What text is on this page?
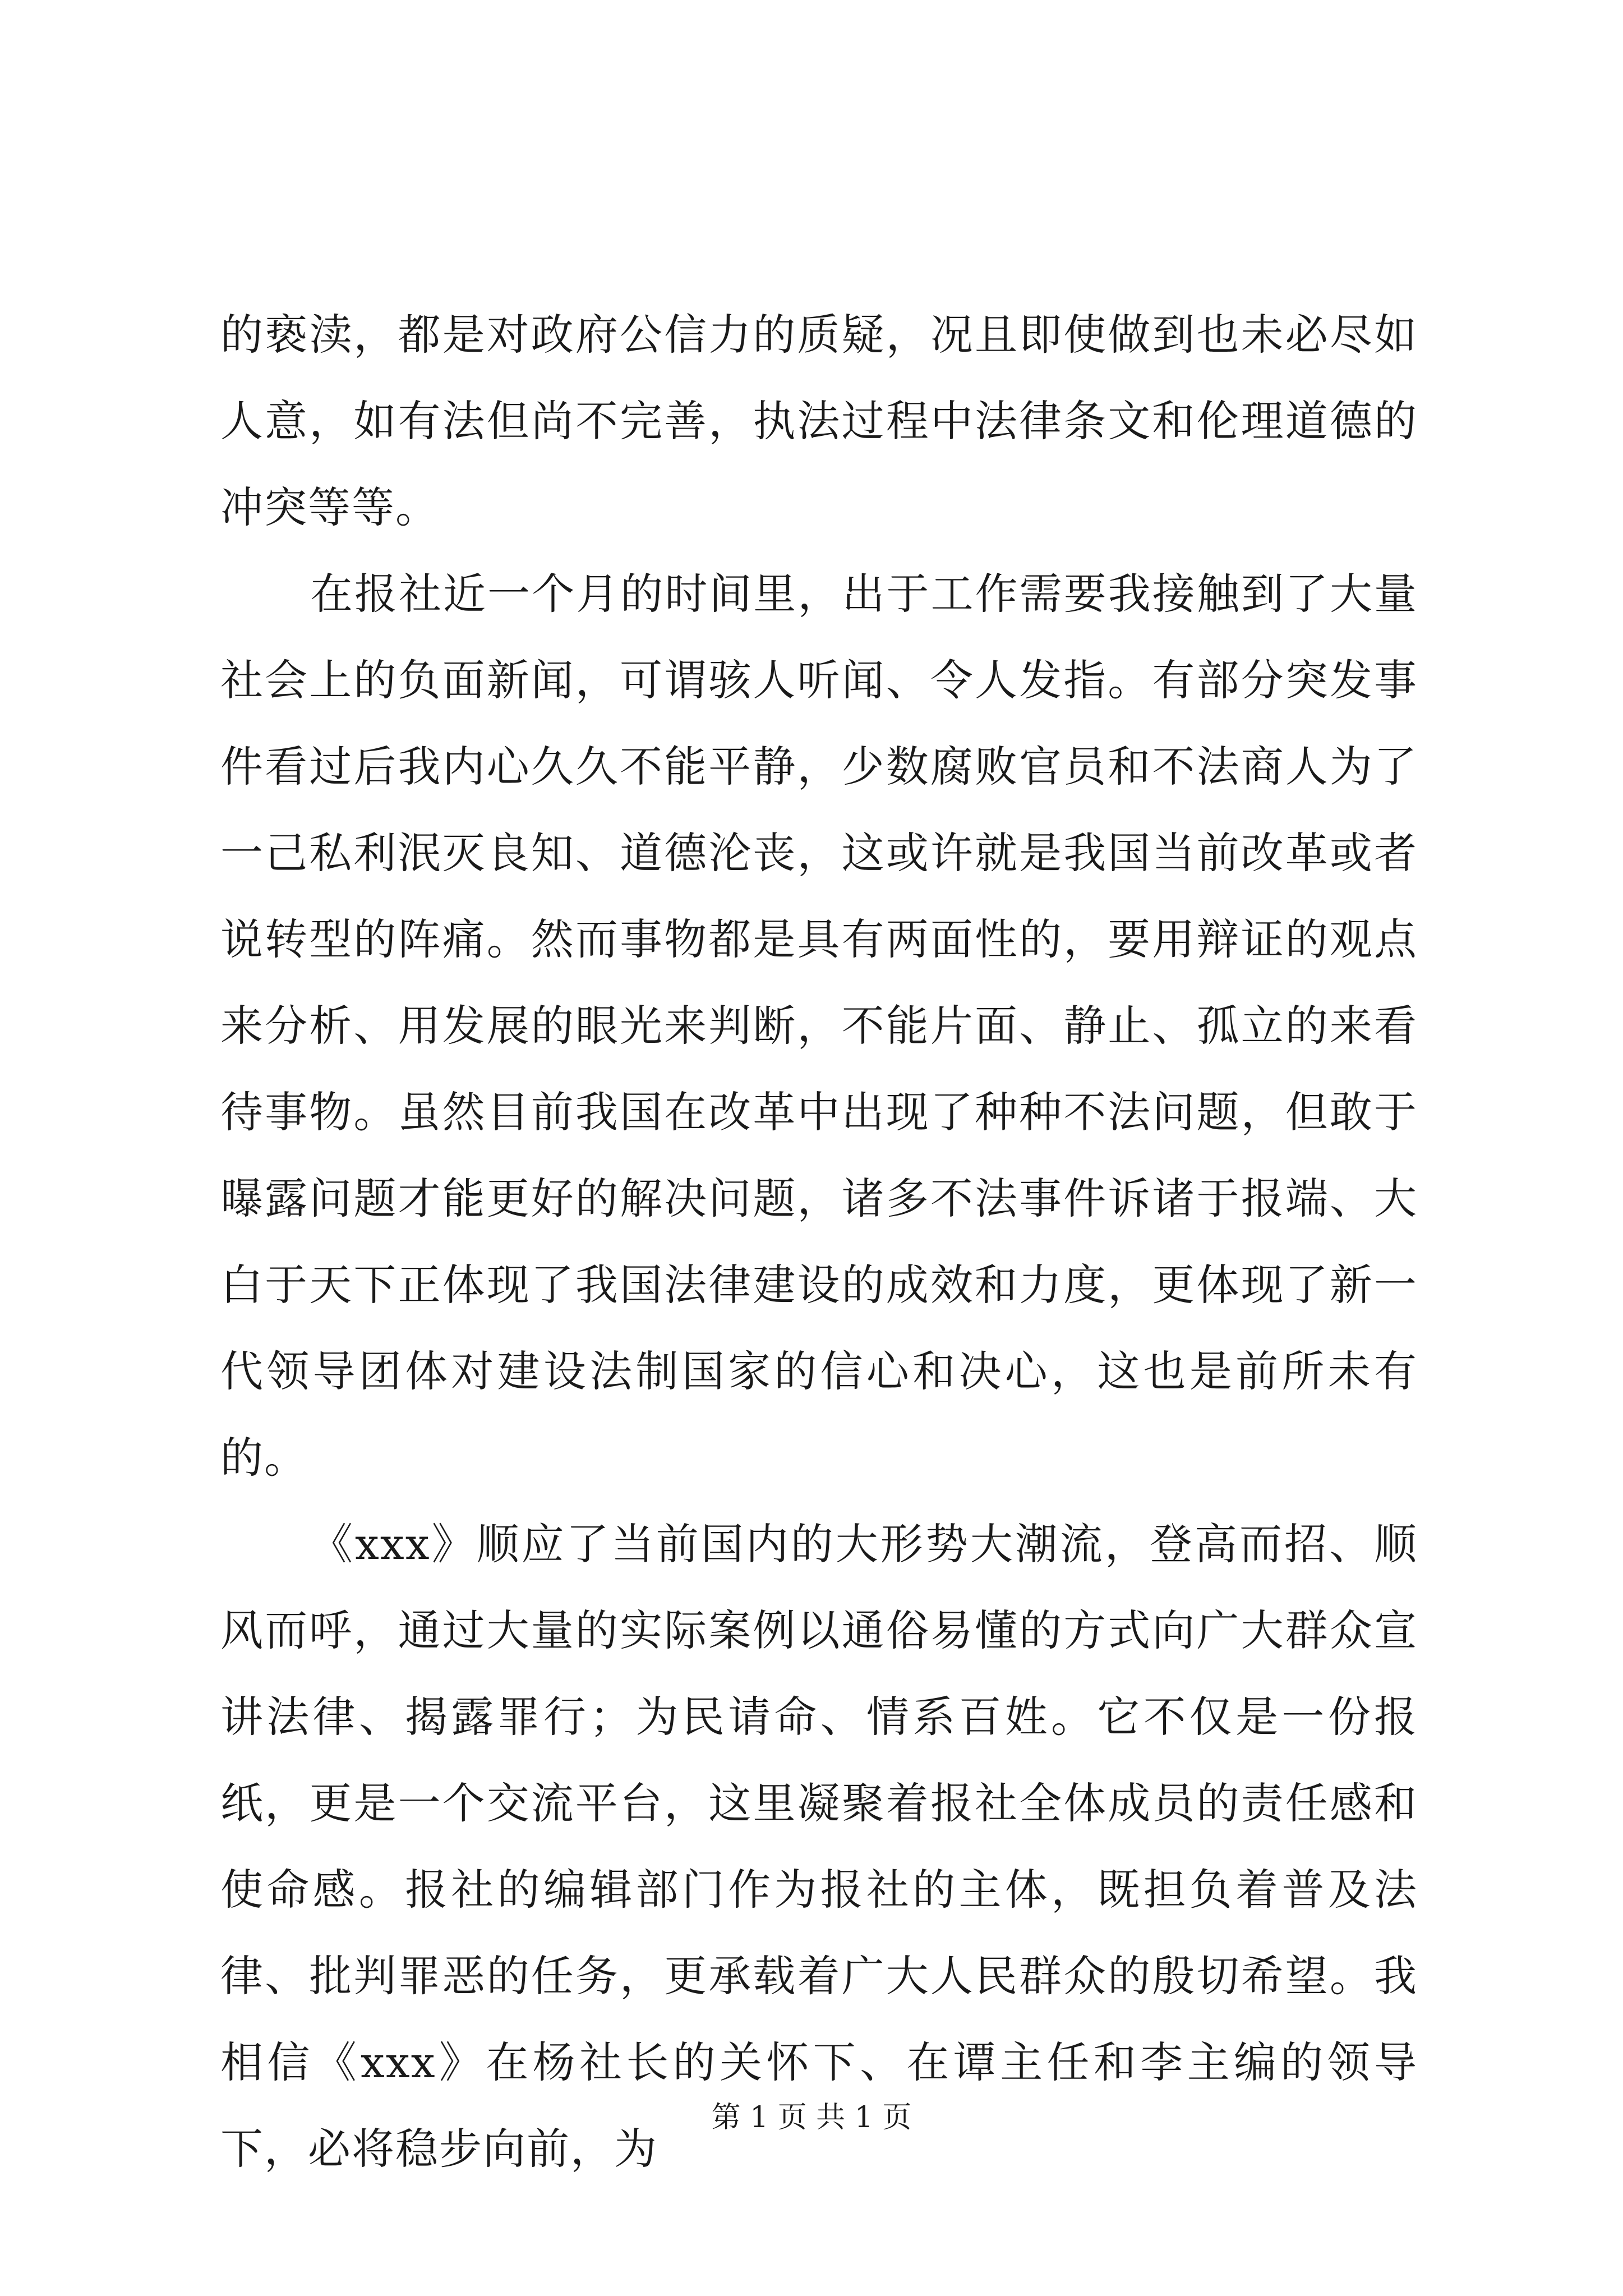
的亵渎，都是对政府公信力的质疑，况且即使做到也未必尽如人意，如有法但尚不完善，执法过程中法律条文和伦理道德的冲突等等。

在报社近一个月的时间里，出于工作需要我接触到了大量社会上的负面新闻，可谓骇人听闻、令人发指。有部分突发事件看过后我内心久久不能平静，少数腐败官员和不法商人为了一己私利泯灭良知、道德沦丧，这或许就是我国当前改革或者说转型的阵痛。然而事物都是具有两面性的，要用辩证的观点来分析、用发展的眼光来判断，不能片面、静止、孤立的来看待事物。虽然目前我国在改革中出现了种种不法问题，但敢于曝露问题才能更好的解决问题，诸多不法事件诉诸于报端、大白于天下正体现了我国法律建设的成效和力度，更体现了新一代领导团体对建设法制国家的信心和决心，这也是前所未有的。

《xxx》顺应了当前国内的大形势大潮流，登高而招、顺风而呼，通过大量的实际案例以通俗易懂的方式向广大群众宣讲法律、揭露罪行；为民请命、情系百姓。它不仅是一份报纸，更是一个交流平台，这里凝聚着报社全体成员的责任感和使命感。报社的编辑部门作为报社的主体，既担负着普及法律、批判罪恶的任务，更承载着广大人民群众的殷切希望。我相信《xxx》在杨社长的关怀下、在谭主任和李主编的领导下，必将稳步向前，为

第 1 页 共 1 页
